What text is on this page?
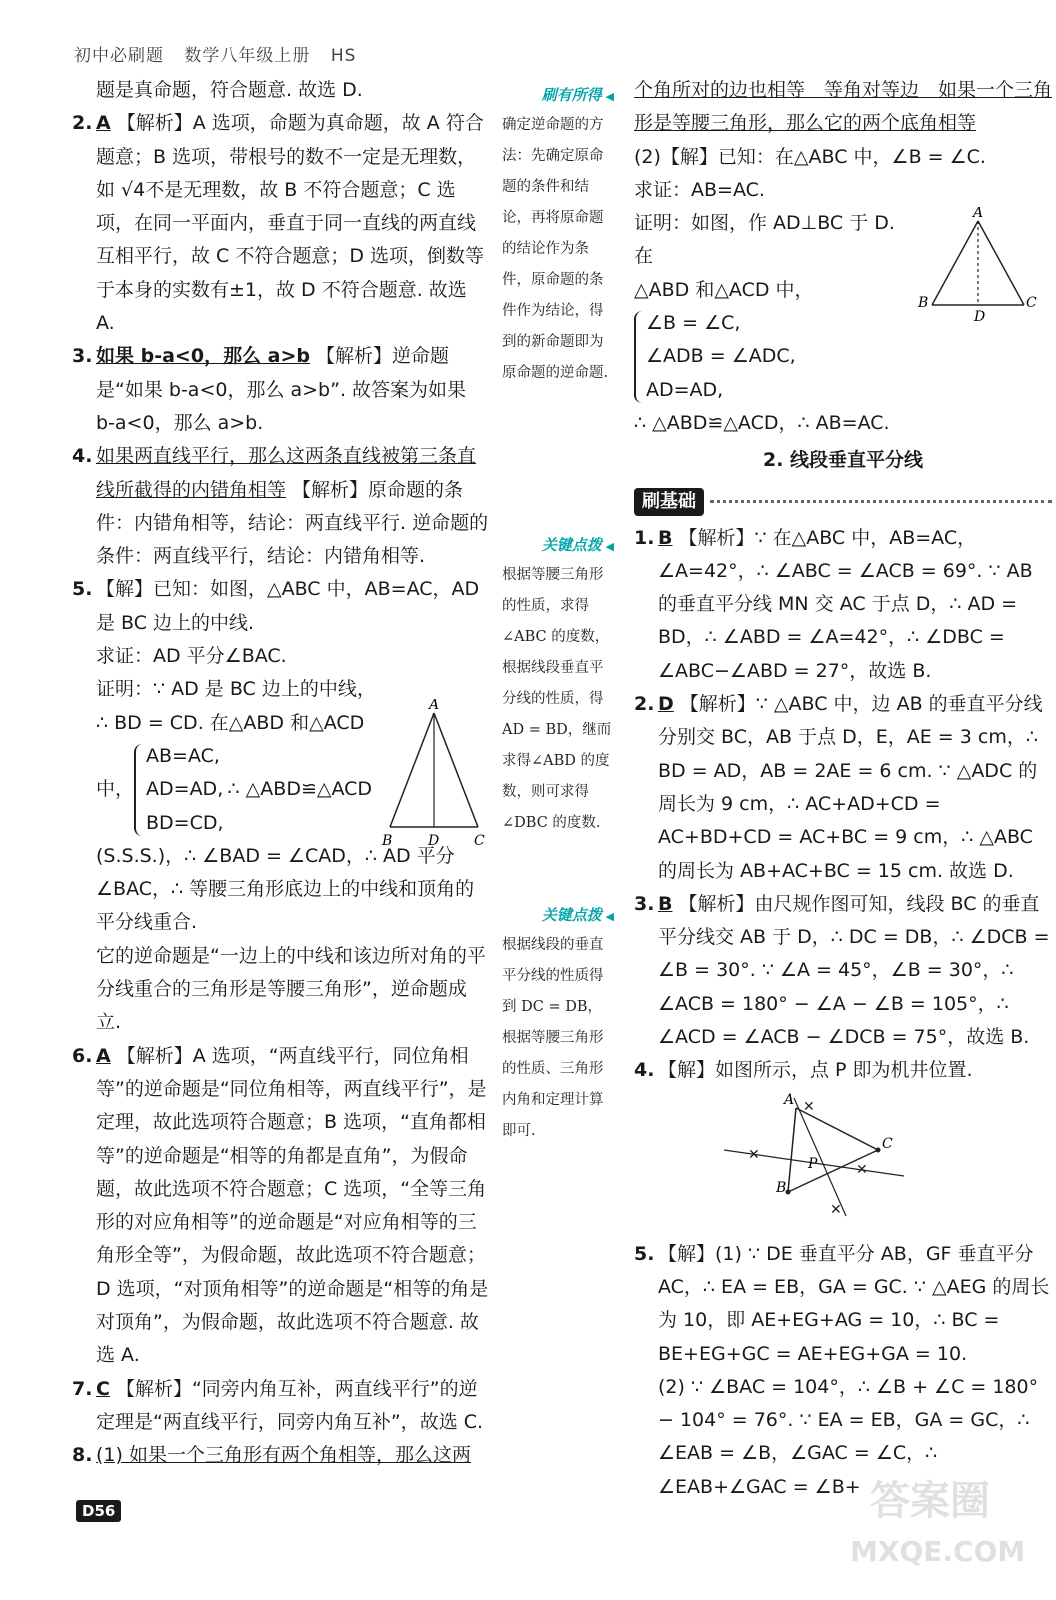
初中必刷题 数学八年级上册 HS

题是真命题，符合题意. 故选 D.

2. A 【解析】A 选项，命题为真命题，故 A 符合题意；B 选项，带根号的数不一定是无理数，如 √4不是无理数，故 B 不符合题意；C 选项，在同一平面内，垂直于同一直线的两直线互相平行，故 C 不符合题意；D 选项，倒数等于本身的实数有±1，故 D 不符合题意. 故选 A.

3. 如果 b-a<0，那么 a>b 【解析】逆命题是“如果 b-a<0，那么 a>b”. 故答案为如果 b-a<0，那么 a>b.

4. 如果两直线平行，那么这两条直线被第三条直线所截得的内错角相等 【解析】原命题的条件：内错角相等，结论：两直线平行. 逆命题的条件：两直线平行，结论：内错角相等.

5. 【解】已知：如图，△ABC 中，AB=AC，AD 是 BC 边上的中线.

求证：AD 平分∠BAC.

证明：∵ AD 是 BC 边上的中线，

∴ BD = CD. 在△ABD 和△ACD

中，
AB=AC,
AD=AD,
BD=CD,
∴ △ABD≌△ACD

(S.S.S.)，∴ ∠BAD = ∠CAD，∴ AD 平分∠BAC，∴ 等腰三角形底边上的中线和顶角的平分线重合.

它的逆命题是“一边上的中线和该边所对角的平分线重合的三角形是等腰三角形”，逆命题成立.

A
B	D C

6. A 【解析】A 选项，“两直线平行，同位角相等”的逆命题是“同位角相等，两直线平行”，是定理，故此选项符合题意；B 选项，“直角都相等”的逆命题是“相等的角都是直角”，为假命题，故此选项不符合题意；C 选项，“全等三角形的对应角相等”的逆命题是“对应角相等的三角形全等”，为假命题，故此选项不符合题意；D 选项，“对顶角相等”的逆命题是“相等的角是对顶角”，为假命题，故此选项不符合题意. 故选 A.

7. C 【解析】“同旁内角互补，两直线平行”的逆定理是“两直线平行，同旁内角互补”，故选 C.

8. (1) 如果一个三角形有两个角相等，那么这两

刷有所得 ◀
确定逆命题的方法：先确定原命题的条件和结论，再将原命题的结论作为条件，原命题的条件作为结论，得到的新命题即为原命题的逆命题.
关键点拨 ◀
根据等腰三角形的性质，求得∠ABC 的度数，根据线段垂直平分线的性质，得 AD = BD，继而求得∠ABD 的度数，则可求得∠DBC 的度数.
关键点拨 ◀
根据线段的垂直平分线的性质得到 DC = DB，根据等腰三角形的性质、三角形内角和定理计算即可.

个角所对的边也相等　等角对等边　如果一个三角形是等腰三角形，那么它的两个底角相等

(2)【解】已知：在△ABC 中，∠B = ∠C.

求证：AB=AC.

证明：如图，作 AD⊥BC 于 D. 在

△ABD 和△ACD 中，

∠B = ∠C,
∠ADB = ∠ADC,
AD=AD,

∴ △ABD≌△ACD，∴ AB=AC.

A
B
D
C
2. 线段垂直平分线
刷基础

1. B 【解析】∵ 在△ABC 中，AB=AC，∠A=42°，∴ ∠ABC = ∠ACB = 69°. ∵ AB 的垂直平分线 MN 交 AC 于点 D，∴ AD = BD，∴ ∠ABD = ∠A=42°，∴ ∠DBC = ∠ABC−∠ABD = 27°，故选 B.

2. D 【解析】∵ △ABC 中，边 AB 的垂直平分线分别交 BC，AB 于点 D，E，AE = 3 cm，∴ BD = AD，AB = 2AE = 6 cm. ∵ △ADC 的周长为 9 cm，∴ AC+AD+CD = AC+BD+CD = AC+BC = 9 cm，∴ △ABC 的周长为 AB+AC+BC = 15 cm. 故选 D.

3. B 【解析】由尺规作图可知，线段 BC 的垂直平分线交 AB 于 D，∴ DC = DB，∴ ∠DCB = ∠B = 30°. ∵ ∠A = 45°，∠B = 30°，∴ ∠ACB = 180° − ∠A − ∠B = 105°，∴ ∠ACD = ∠ACB − ∠DCB = 75°，故选 B.

4. 【解】如图所示，点 P 即为机井位置.

✕
✕
✕
✕
A
B
C
P

5. 【解】(1) ∵ DE 垂直平分 AB，GF 垂直平分 AC，∴ EA = EB，GA = GC. ∵ △AEG 的周长为 10，即 AE+EG+AG = 10，∴ BC = BE+EG+GC = AE+EG+GA = 10.

(2) ∵ ∠BAC = 104°，∴ ∠B + ∠C = 180° − 104° = 76°. ∵ EA = EB，GA = GC，∴ ∠EAB = ∠B，∠GAC = ∠C，∴ ∠EAB+∠GAC = ∠B+

D56	答案圈
MXQE.COM
